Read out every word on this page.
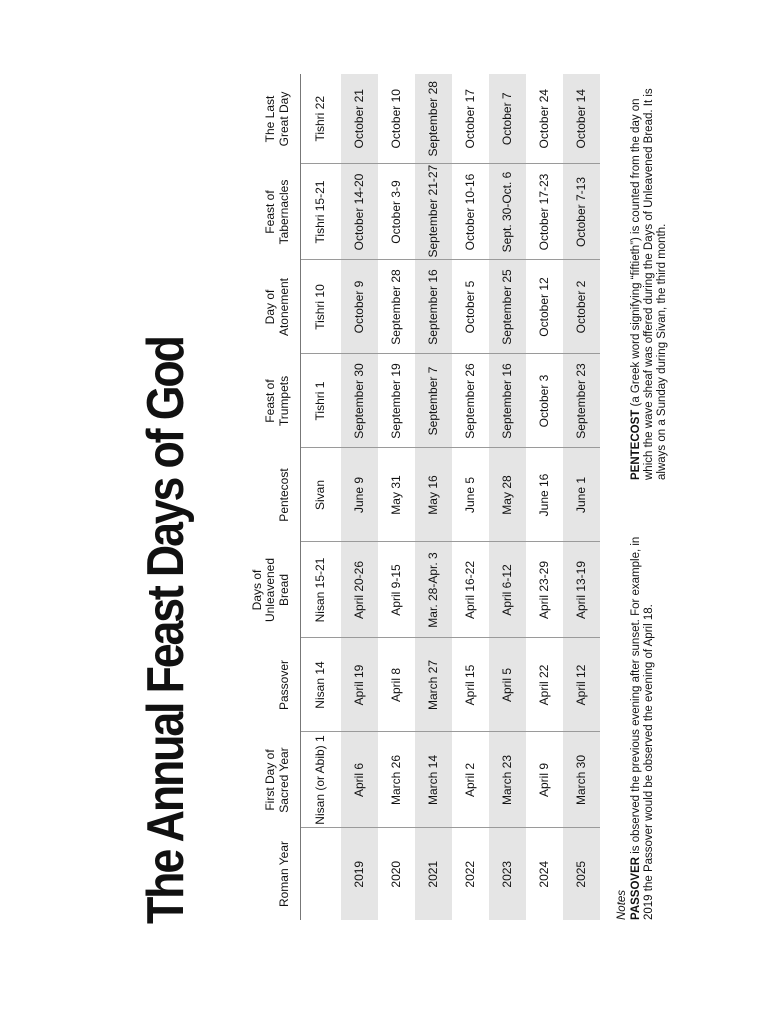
The Annual Feast Days of God	Roman Year	First Day of Sacred Year	Passover	Days of Unleavened Bread	Pentecost	Feast of Trumpets	Day of Atonement	Feast of Tabernacles	The Last Great Day

	Nisan (or Abib) 1	Nisan 14	Nisan 15-21	Sivan	Tishri 1	Tishri 10	Tishri 15-21	Tishri 22
2019	April 6	April 19	April 20-26	June 9	September 30	October 9	October 14-20	October 21
2020	March 26	April 8	April 9-15	May 31	September 19	September 28	October 3-9	October 10
2021	March 14	March 27	Mar. 28-Apr. 3	May 16	September 7	September 16	September 21-27	September 28
2022	April 2	April 15	April 16-22	June 5	September 26	October 5	October 10-16	October 17
2023	March 23	April 5	April 6-12	May 28	September 16	September 25	Sept. 30-Oct. 6	October 7
2024	April 9	April 22	April 23-29	June 16	October 3	October 12	October 17-23	October 24
2025	March 30	April 12	April 13-19	June 1	September 23	October 2	October 7-13	October 14
Notes PASSOVER is observed the previous evening after sunset. For example, in 2019 the Passover would be observed the evening of April 18.
PENTECOST (a Greek word signifying “fiftieth”) is counted from the day on which the wave sheaf was offered during the Days of Unleavened Bread. It is always on a Sunday during Sivan, the third month.
